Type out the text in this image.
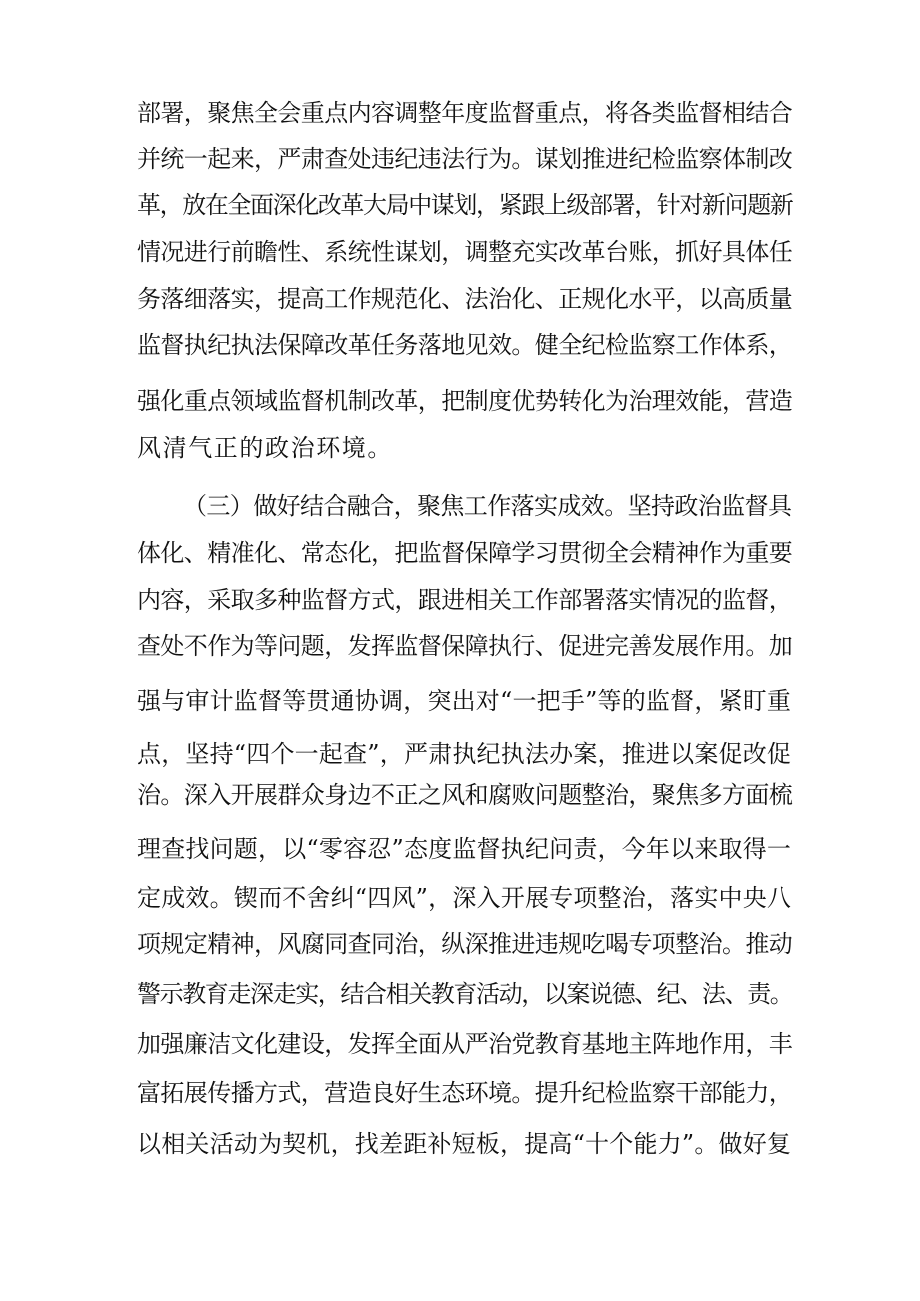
部署，聚焦全会重点内容调整年度监督重点，将各类监督相结合
并统一起来，严肃查处违纪违法行为。谋划推进纪检监察体制改
革，放在全面深化改革大局中谋划，紧跟上级部署，针对新问题新
情况进行前瞻性、系统性谋划，调整充实改革台账，抓好具体任
务落细落实，提高工作规范化、法治化、正规化水平，以高质量
监督执纪执法保障改革任务落地见效。健全纪检监察工作体系，
强化重点领域监督机制改革，把制度优势转化为治理效能，营造
风清气正的政治环境。
（三）做好结合融合，聚焦工作落实成效。坚持政治监督具
体化、精准化、常态化，把监督保障学习贯彻全会精神作为重要
内容，采取多种监督方式，跟进相关工作部署落实情况的监督，
查处不作为等问题，发挥监督保障执行、促进完善发展作用。加
强与审计监督等贯通协调，突出对“一把手”等的监督，紧盯重
点，坚持“四个一起查”，严肃执纪执法办案，推进以案促改促
治。深入开展群众身边不正之风和腐败问题整治，聚焦多方面梳
理查找问题，以“零容忍”态度监督执纪问责，今年以来取得一
定成效。锲而不舍纠“四风”，深入开展专项整治，落实中央八
项规定精神，风腐同查同治，纵深推进违规吃喝专项整治。推动
警示教育走深走实，结合相关教育活动，以案说德、纪、法、责。
加强廉洁文化建设，发挥全面从严治党教育基地主阵地作用，丰
富拓展传播方式，营造良好生态环境。提升纪检监察干部能力，
以相关活动为契机，找差距补短板，提高“十个能力”。做好复
